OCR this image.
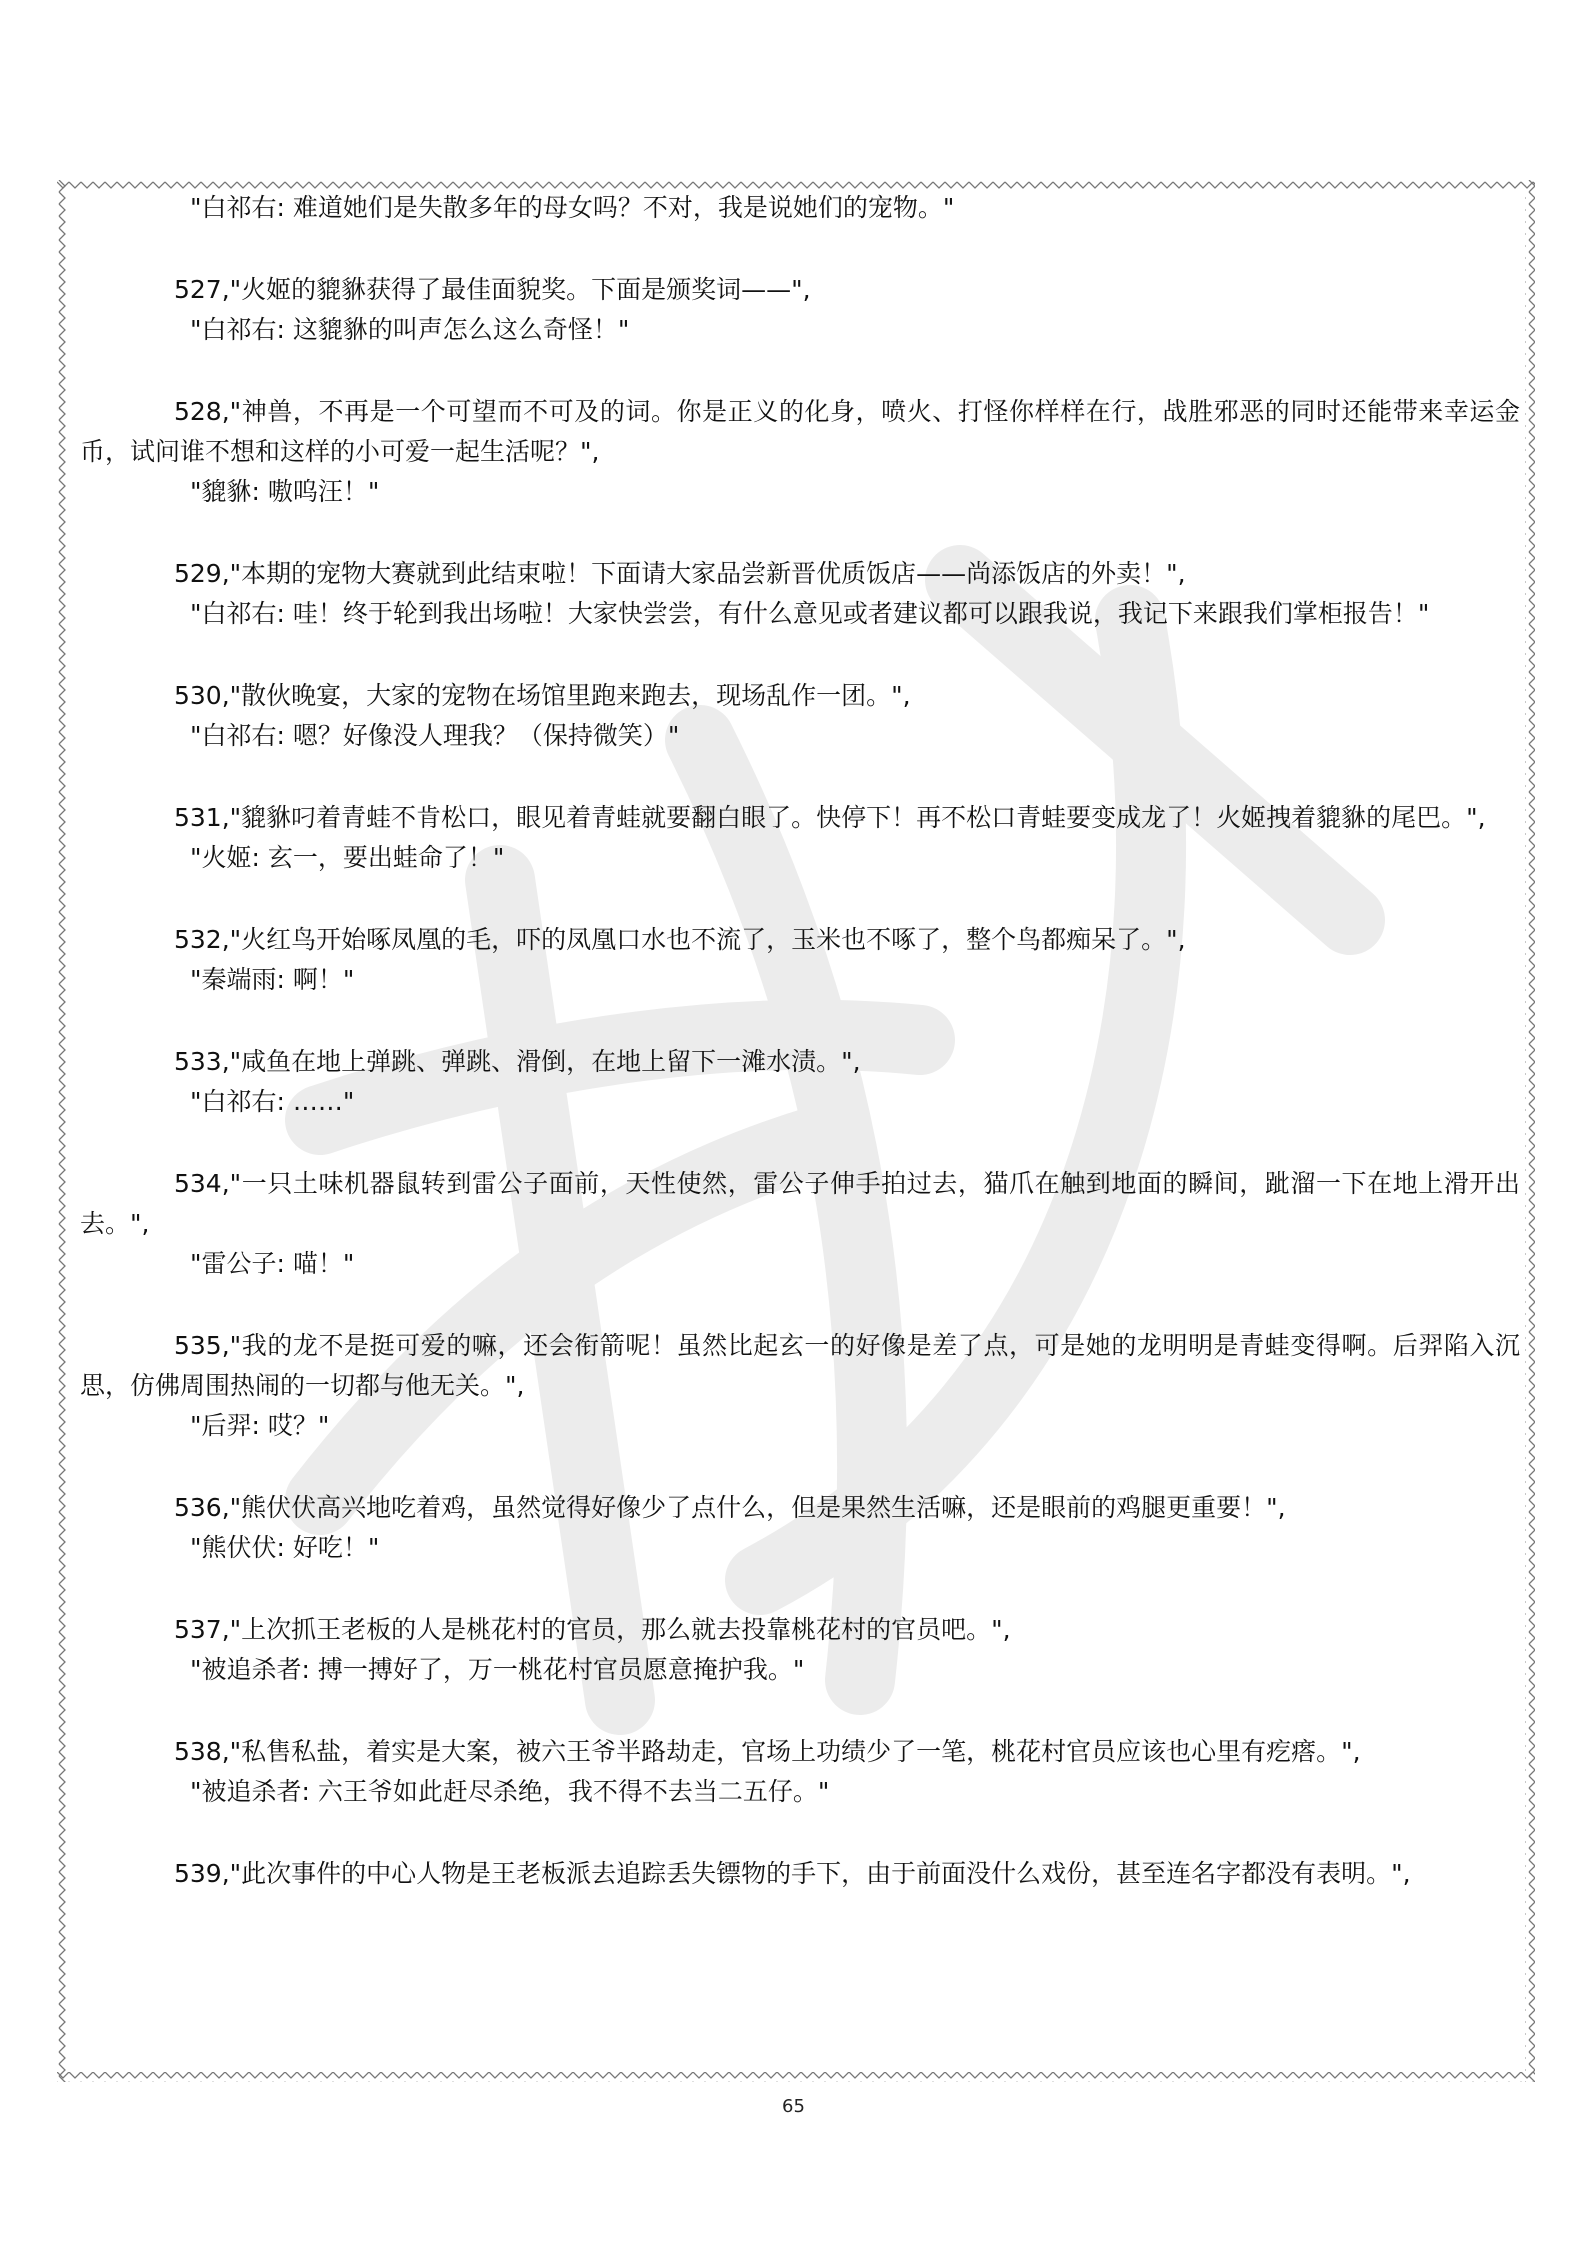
"白祁右: 难道她们是失散多年的母女吗？不对，我是说她们的宠物。"

527,"火姬的貔貅获得了最佳面貌奖。下面是颁奖词——",

"白祁右: 这貔貅的叫声怎么这么奇怪！"

528,"神兽，不再是一个可望而不可及的词。你是正义的化身，喷火、打怪你样样在行，战胜邪恶的同时还能带来幸运金币，试问谁不想和这样的小可爱一起生活呢？",

"貔貅: 嗷呜汪！"

529,"本期的宠物大赛就到此结束啦！下面请大家品尝新晋优质饭店——尚添饭店的外卖！",

"白祁右: 哇！终于轮到我出场啦！大家快尝尝，有什么意见或者建议都可以跟我说，我记下来跟我们掌柜报告！"

530,"散伙晚宴，大家的宠物在场馆里跑来跑去，现场乱作一团。",

"白祁右: 嗯？好像没人理我？（保持微笑）"

531,"貔貅叼着青蛙不肯松口，眼见着青蛙就要翻白眼了。快停下！再不松口青蛙要变成龙了！火姬拽着貔貅的尾巴。",

"火姬: 玄一，要出蛙命了！"

532,"火红鸟开始啄凤凰的毛，吓的凤凰口水也不流了，玉米也不啄了，整个鸟都痴呆了。",

"秦端雨: 啊！"

533,"咸鱼在地上弹跳、弹跳、滑倒，在地上留下一滩水渍。",

"白祁右: ……"

534,"一只土味机器鼠转到雷公子面前，天性使然，雷公子伸手拍过去，猫爪在触到地面的瞬间，跐溜一下在地上滑开出去。",

"雷公子: 喵！"

535,"我的龙不是挺可爱的嘛，还会衔箭呢！虽然比起玄一的好像是差了点，可是她的龙明明是青蛙变得啊。后羿陷入沉思，仿佛周围热闹的一切都与他无关。",

"后羿: 哎？"

536,"熊伏伏高兴地吃着鸡，虽然觉得好像少了点什么，但是果然生活嘛，还是眼前的鸡腿更重要！",

"熊伏伏: 好吃！"

537,"上次抓王老板的人是桃花村的官员，那么就去投靠桃花村的官员吧。",

"被追杀者: 搏一搏好了，万一桃花村官员愿意掩护我。"

538,"私售私盐，着实是大案，被六王爷半路劫走，官场上功绩少了一笔，桃花村官员应该也心里有疙瘩。",

"被追杀者: 六王爷如此赶尽杀绝，我不得不去当二五仔。"

539,"此次事件的中心人物是王老板派去追踪丢失镖物的手下，由于前面没什么戏份，甚至连名字都没有表明。",

65
